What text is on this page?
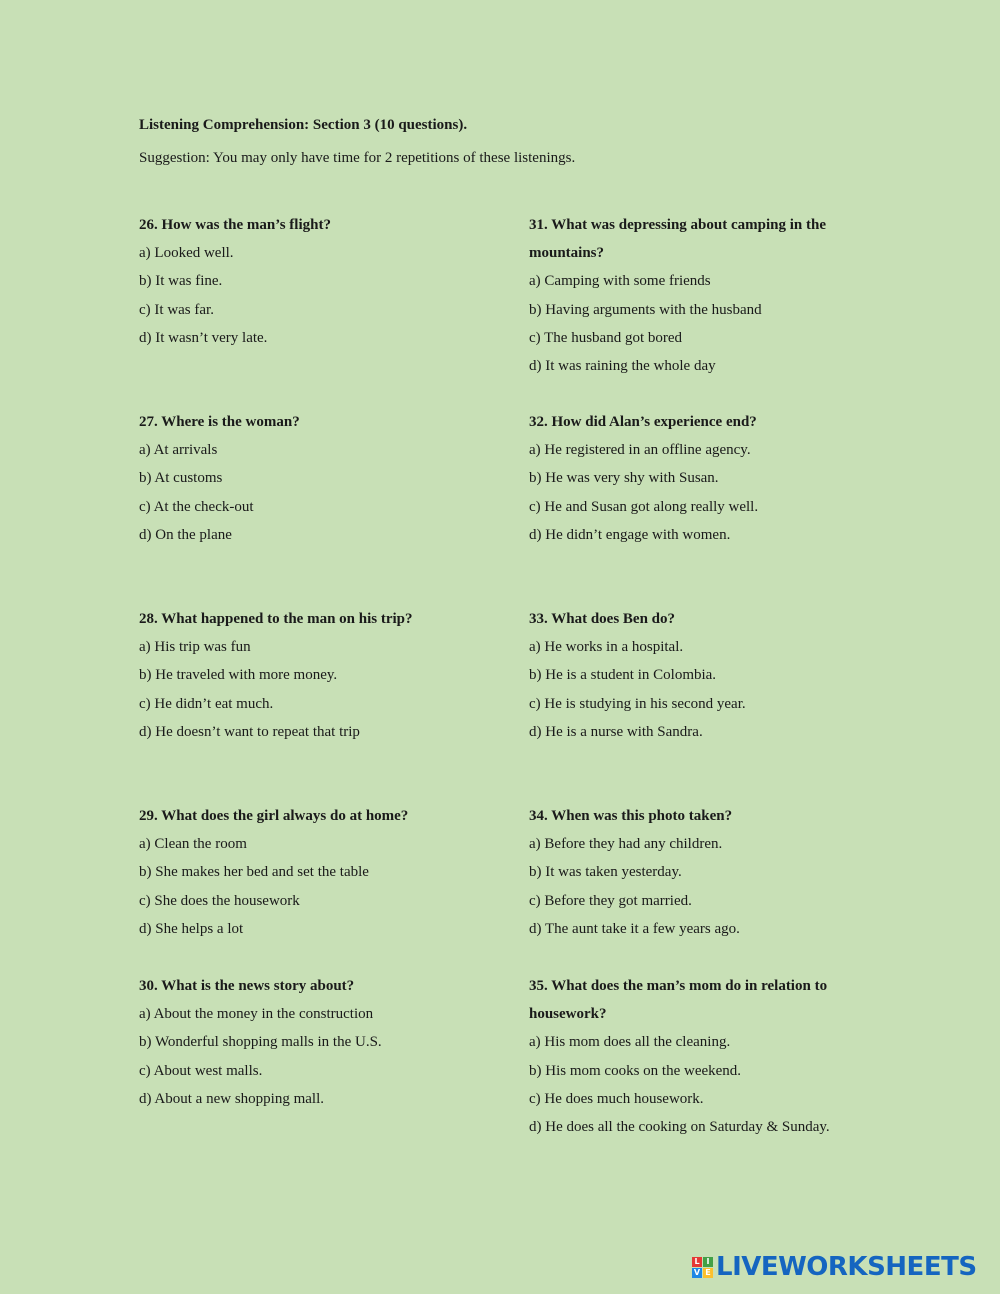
Listening Comprehension: Section 3 (10 questions).
Suggestion: You may only have time for 2 repetitions of these listenings.
26. How was the man’s flight?
a) Looked well.
b) It was fine.
c) It was far.
d) It wasn’t very late.
27. Where is the woman?
a) At arrivals
b) At customs
c) At the check-out
d) On the plane
28. What happened to the man on his trip?
a) His trip was fun
b) He traveled with more money.
c) He didn’t eat much.
d) He doesn’t want to repeat that trip
29. What does the girl always do at home?
a) Clean the room
b) She makes her bed and set the table
c) She does the housework
d) She helps a lot
30. What is the news story about?
a) About the money in the construction
b) Wonderful shopping malls in the U.S.
c) About west malls.
d) About a new shopping mall.
31. What was depressing about camping in the mountains?
a) Camping with some friends
b) Having arguments with the husband
c) The husband got bored
d) It was raining the whole day
32. How did Alan’s experience end?
a) He registered in an offline agency.
b) He was very shy with Susan.
c) He and Susan got along really well.
d) He didn’t engage with women.
33. What does Ben do?
a) He works in a hospital.
b) He is a student in Colombia.
c) He is studying in his second year.
d) He is a nurse with Sandra.
34. When was this photo taken?
a) Before they had any children.
b) It was taken yesterday.
c) Before they got married.
d) The aunt take it a few years ago.
35. What does the man’s mom do in relation to housework?
a) His mom does all the cleaning.
b) His mom cooks on the weekend.
c) He does much housework.
d) He does all the cooking on Saturday & Sunday.
L I
V E LIVEWORKSHEETS
